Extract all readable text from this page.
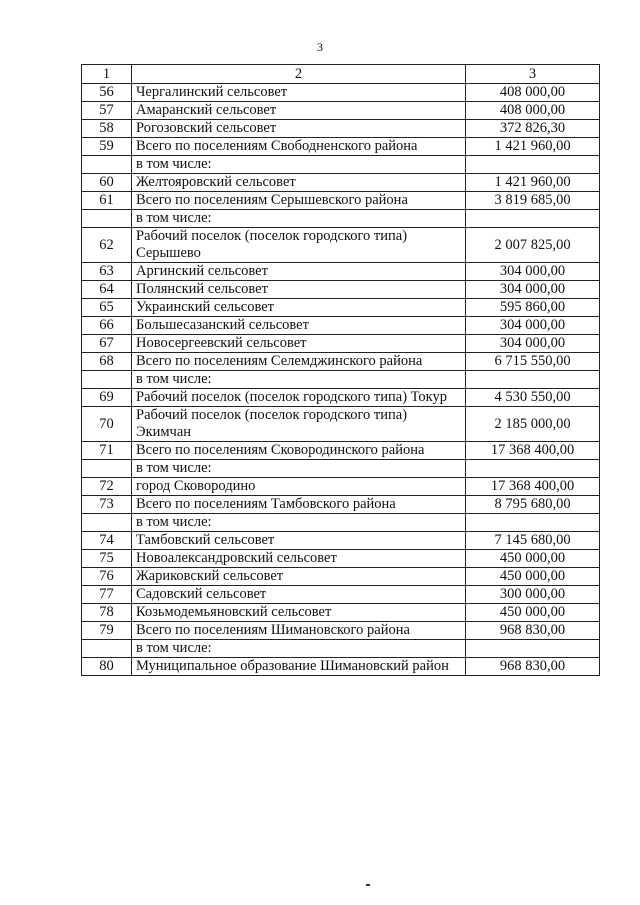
3
1	2	3
56	Чергалинский сельсовет	408 000,00
57	Амаранский сельсовет	408 000,00
58	Рогозовский сельсовет	372 826,30
59	Всего по поселениям Свободненского района	1 421 960,00
	в том числе:	
60	Желтояровский сельсовет	1 421 960,00
61	Всего по поселениям Серышевского района	3 819 685,00
	в том числе:	
62	Рабочий поселок (поселок городского типа) Серышево	2 007 825,00
63	Аргинский сельсовет	304 000,00
64	Полянский сельсовет	304 000,00
65	Украинский сельсовет	595 860,00
66	Большесазанский сельсовет	304 000,00
67	Новосергеевский сельсовет	304 000,00
68	Всего по поселениям Селемджинского района	6 715 550,00
	в том числе:	
69	Рабочий поселок (поселок городского типа) Токур	4 530 550,00
70	Рабочий поселок (поселок городского типа) Экимчан	2 185 000,00
71	Всего по поселениям Сковородинского района	17 368 400,00
	в том числе:	
72	город Сковородино	17 368 400,00
73	Всего по поселениям Тамбовского района	8 795 680,00
	в том числе:	
74	Тамбовский сельсовет	7 145 680,00
75	Новоалександровский сельсовет	450 000,00
76	Жариковский сельсовет	450 000,00
77	Садовский сельсовет	300 000,00
78	Козьмодемьяновский сельсовет	450 000,00
79	Всего по поселениям Шимановского района	968 830,00
	в том числе:	
80	Муниципальное образование Шимановский район	968 830,00
